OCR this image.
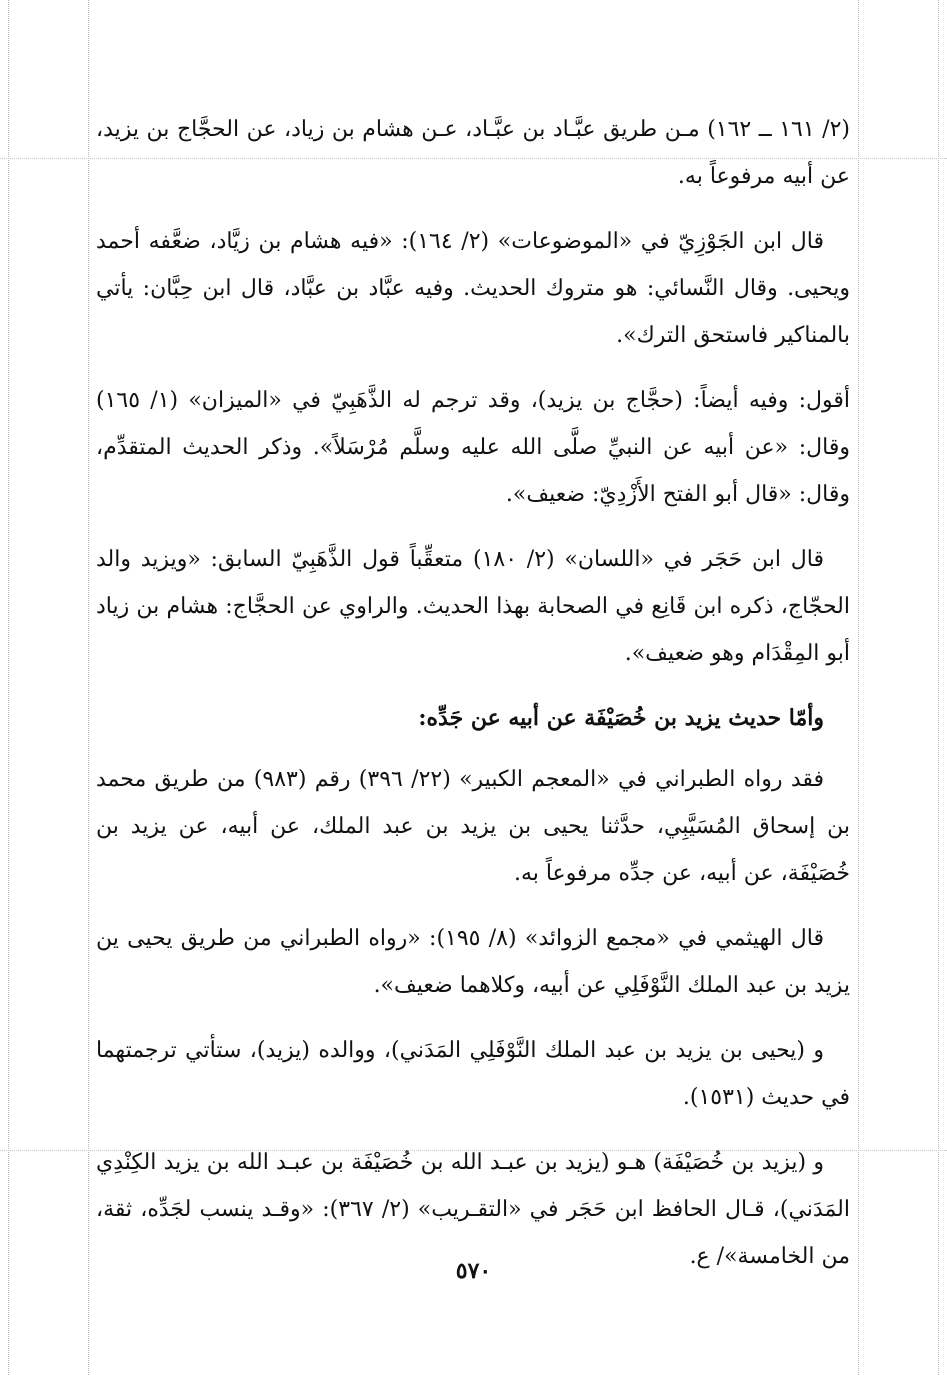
(٢/ ١٦١ ــ ١٦٢) مـن طريق عبَّـاد بن عبَّـاد، عـن هشام بن زياد، عن الحجَّاج بن يزيد، عن أبيه مرفوعاً به.

قال ابن الجَوْزِيّ في «الموضوعات» (٢/ ١٦٤): «فيه هشام بن زيَّاد، ضعَّفه أحمد ويحيى. وقال النَّسائي: هو متروك الحديث. وفيه عبَّاد بن عبَّاد، قال ابن حِبَّان: يأتي بالمناكير فاستحق الترك».

أقول: وفيه أيضاً: (حجَّاج بن يزيد)، وقد ترجم له الذَّهَبِيّ في «الميزان» (١/ ١٦٥) وقال: «عن أبيه عن النبيِّ صلَّى الله عليه وسلَّم مُرْسَلاً». وذكر الحديث المتقدِّم، وقال: «قال أبو الفتح الأَزْدِيّ: ضعيف».

قال ابن حَجَر في «اللسان» (٢/ ١٨٠) متعقِّباً قول الذَّهَبِيّ السابق: «ويزيد والد الحجّاج، ذكره ابن قَانِع في الصحابة بهذا الحديث. والراوي عن الحجَّاج: هشام بن زياد أبو المِقْدَام وهو ضعيف».

وأمّا حديث يزيد بن خُصَيْفَة عن أبيه عن جَدِّه:

فقد رواه الطبراني في «المعجم الكبير» (٢٢/ ٣٩٦) رقم (٩٨٣) من طريق محمد بن إسحاق المُسَيَّبِي، حدَّثنا يحيى بن يزيد بن عبد الملك، عن أبيه، عن يزيد بن خُصَيْفَة، عن أبيه، عن جدِّه مرفوعاً به.

قال الهيثمي في «مجمع الزوائد» (٨/ ١٩٥): «رواه الطبراني من طريق يحيى ين يزيد بن عبد الملك النَّوْفَلِي عن أبيه، وكلاهما ضعيف».

و (يحيى بن يزيد بن عبد الملك النَّوْفَلِي المَدَني)، ووالده (يزيد)، ستأتي ترجمتهما في حديث (١٥٣١).

و (يزيد بن خُصَيْفَة) هـو (يزيد بن عبـد الله بن خُصَيْفَة بن عبـد الله بن يزيد الكِنْدِي المَدَني)، قـال الحافظ ابن حَجَر في «التقـريب» (٢/ ٣٦٧): «وقـد ينسب لجَدِّه، ثقة، من الخامسة»/ ع.

٥٧٠
